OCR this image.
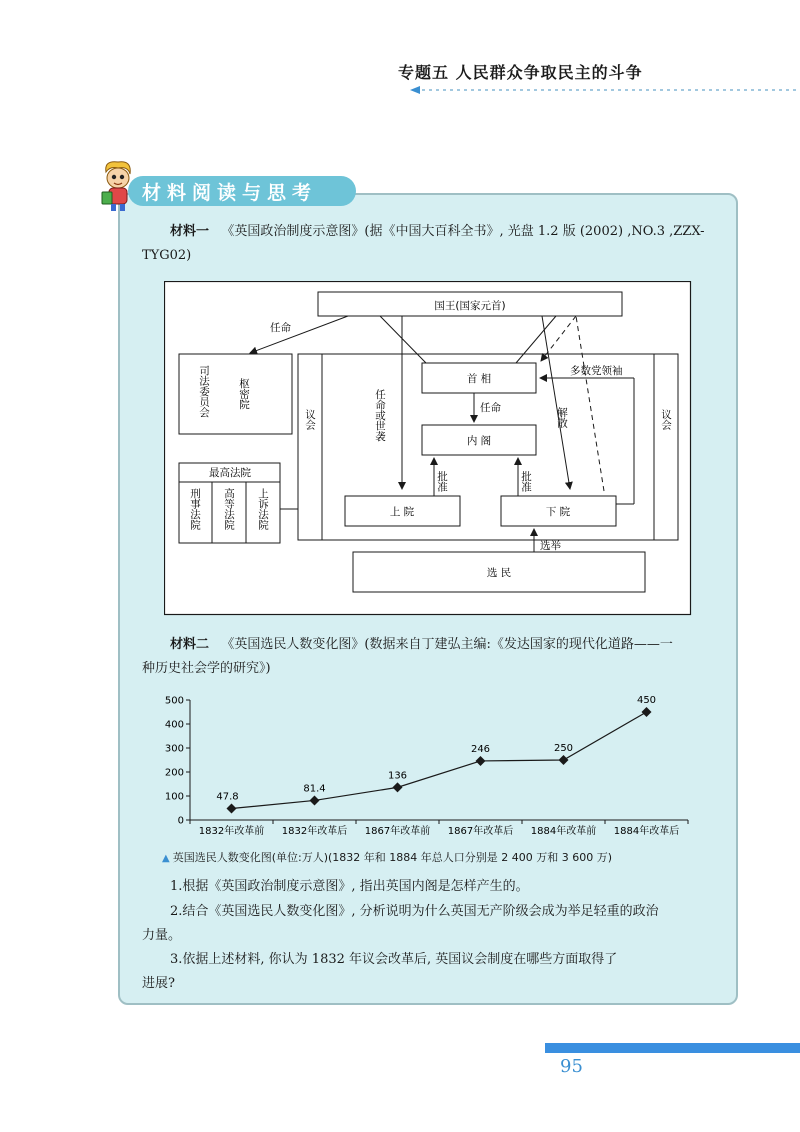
专题五 人民群众争取民主的斗争
材料阅读与思考
材料一 《英国政治制度示意图》(据《中国大百科全书》, 光盘 1.2 版 (2002) ,NO.3 ,ZZX-
TYG02)
国王(国家元首)
任命
司法委员会	枢密院
最高法院
刑事法院 高等法院 上诉法院
议会	议会
首 相
内 阁
任命
任命或世袭	解散
多数党领袖
上 院	下 院
批准	批准
选举
选 民
材料二 《英国选民人数变化图》(数据来自丁建弘主编:《发达国家的现代化道路——一
种历史社会学的研究》)
0
100
200
300
400
500
1832年改革前 1832年改革后 1867年改革前 1867年改革后 1884年改革前 1884年改革后
47.8
81.4
136
246	250
450
▲ 英国选民人数变化图(单位:万人)(1832 年和 1884 年总人口分别是 2 400 万和 3 600 万)
1.根据《英国政治制度示意图》, 指出英国内阁是怎样产生的。
2.结合《英国选民人数变化图》, 分析说明为什么英国无产阶级会成为举足轻重的政治
力量。
3.依据上述材料, 你认为 1832 年议会改革后, 英国议会制度在哪些方面取得了
进展?
95
